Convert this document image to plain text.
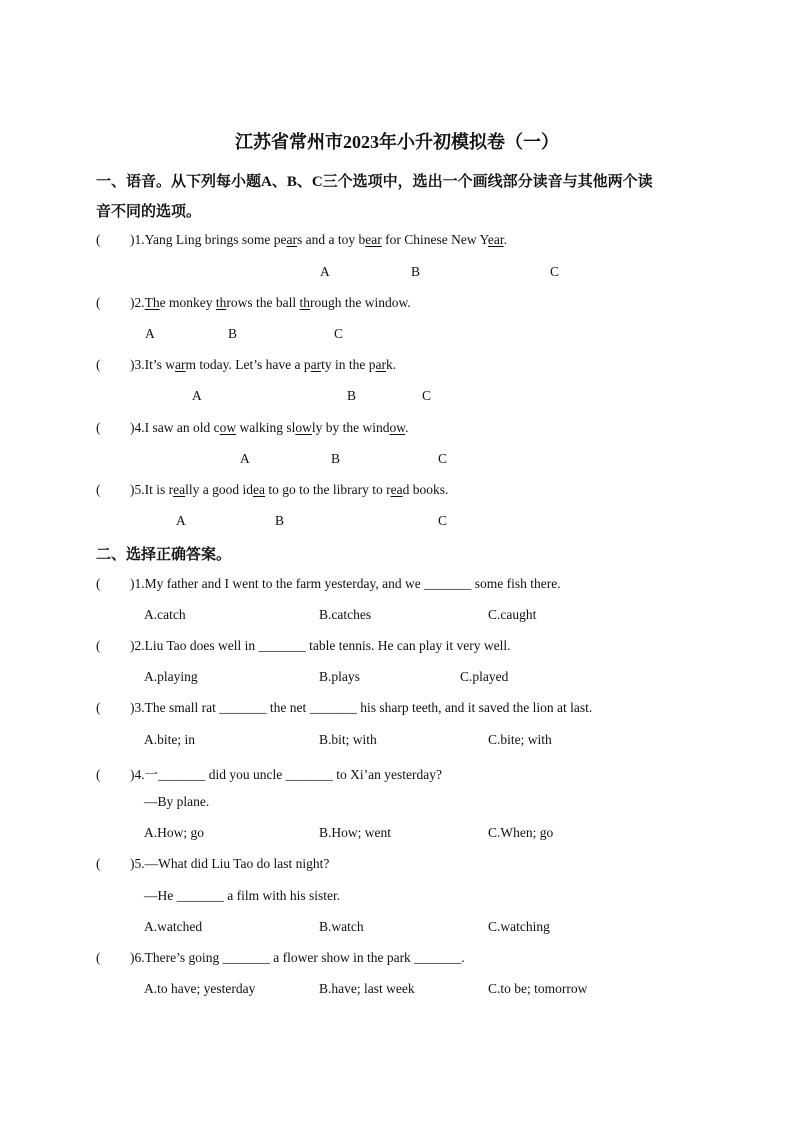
江苏省常州市2023年小升初模拟卷（一）
一、语音。从下列每小题A、B、C三个选项中，选出一个画线部分读音与其他两个读
音不同的选项。
( )1.Yang Ling brings some pears and a toy bear for Chinese New Year.
A	B	C
( )2.The monkey throws the ball through the window.
A	B	C
( )3.It’s warm today. Let’s have a party in the park.
A	B	C
( )4.I saw an old cow walking slowly by the window.
A	B	C
( )5.It is really a good idea to go to the library to read books.
A	B	C
二、选择正确答案。
( )1.My father and I went to the farm yesterday, and we _______ some fish there.
A.catch	B.catches	C.caught
( )2.Liu Tao does well in _______ table tennis. He can play it very well.
A.playing	B.plays	C.played
( )3.The small rat _______ the net _______ his sharp teeth, and it saved the lion at last.
A.bite; in	B.bit; with	C.bite; with
( )4.一_______ did you uncle _______ to Xi’an yesterday?
—By plane.
A.How; go	B.How; went	C.When; go
( )5.—What did Liu Tao do last night?
—He _______ a film with his sister.
A.watched	B.watch	C.watching
( )6.There’s going _______ a flower show in the park _______.
A.to have; yesterday	B.have; last week	C.to be; tomorrow
